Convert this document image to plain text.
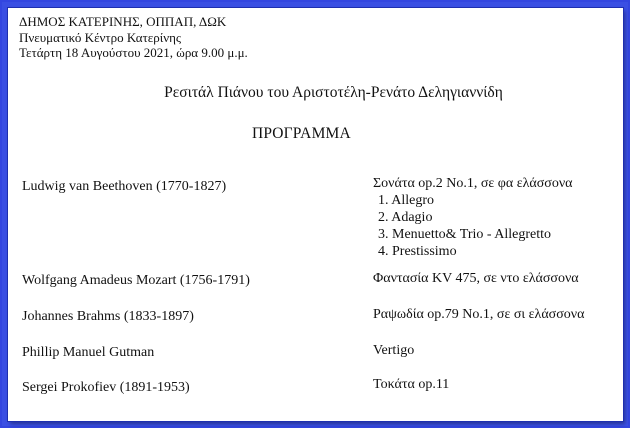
ΔΗΜΟΣ ΚΑΤΕΡΙΝΗΣ, ΟΠΠΑΠ, ΔΩΚ
Πνευματικό Κέντρο Κατερίνης
Τετάρτη 18 Αυγούστου 2021, ώρα 9.00 μ.μ.
Ρεσιτάλ Πιάνου του Αριστοτέλη-Ρενάτο Δεληγιαννίδη
ΠΡΟΓΡΑΜΜΑ
Ludwig van Beethoven (1770-1827)	Σονάτα op.2 No.1, σε φα ελάσσονα
1. Allegro
2. Adagio
3. Menuetto& Trio - Allegretto
4. Prestissimo
Wolfgang Amadeus Mozart (1756-1791)	Φαντασία KV 475, σε ντο ελάσσονα
Johannes Brahms (1833-1897)	Ραψωδία op.79 No.1, σε σι ελάσσονα
Phillip Manuel Gutman	Vertigo
Sergei Prokofiev (1891-1953)	Τοκάτα op.11
